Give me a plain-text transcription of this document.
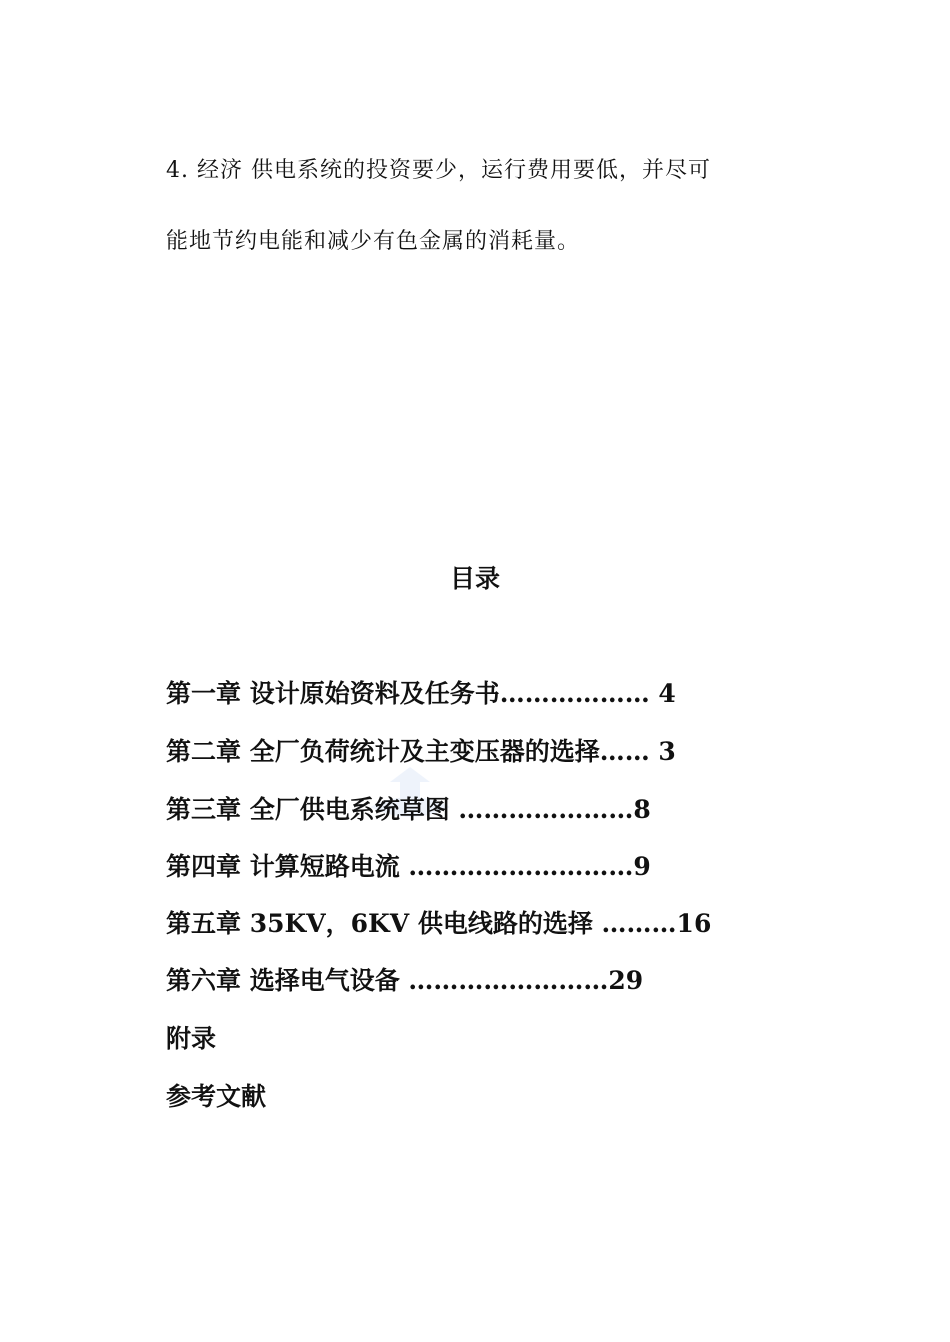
4. 经济 供电系统的投资要少，运行费用要低，并尽可
能地节约电能和减少有色金属的消耗量。
目录
第一章 设计原始资料及任务书……………… 4
第二章 全厂负荷统计及主变压器的选择…… 3
第三章 全厂供电系统草图 …………………8
第四章 计算短路电流 ………………………9
第五章 35KV，6KV 供电线路的选择 ………16
第六章 选择电气设备 ……………………29
附录
参考文献
